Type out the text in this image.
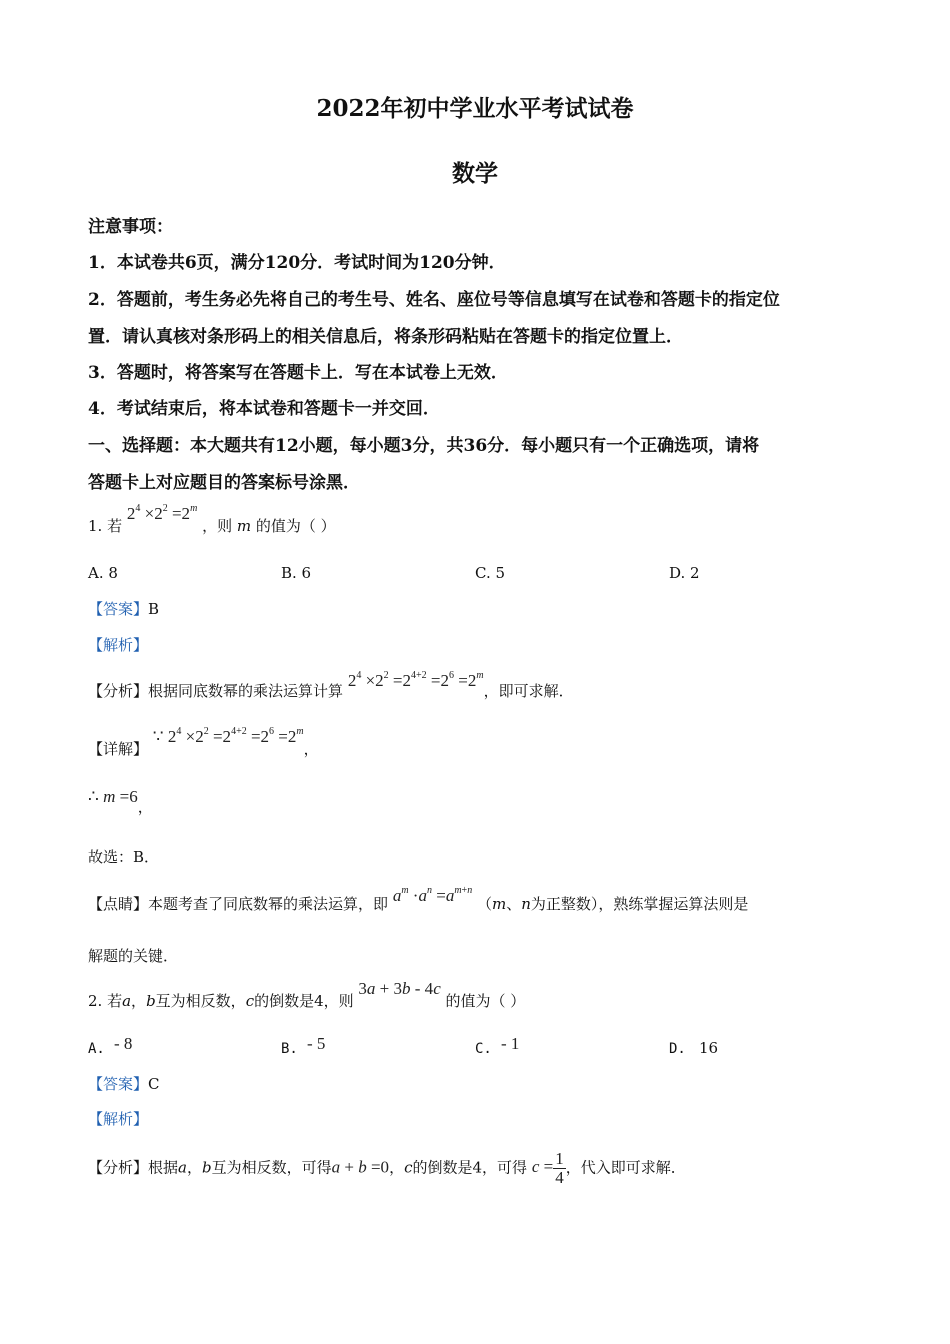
2022年初中学业水平考试试卷
数学
注意事项：
1．本试卷共6页，满分120分．考试时间为120分钟．
2．答题前，考生务必先将自己的考生号、姓名、座位号等信息填写在试卷和答题卡的指定位
置．请认真核对条形码上的相关信息后，将条形码粘贴在答题卡的指定位置上．
3．答题时，将答案写在答题卡上．写在本试卷上无效．
4．考试结束后，将本试卷和答题卡一并交回．
一、选择题：本大题共有12小题，每小题3分，共36分．每小题只有一个正确选项，请将
答题卡上对应题目的答案标号涂黑．
1. 若 $2^4 \times 2^2 =2^m$ ，则 m 的值为（ ）
A. 8	B. 6	C. 5	D. 2
【答案】B
【解析】
【分析】根据同底数幂的乘法运算计算 $2^4 \times 2^2 =2^{4+2} =2^6 =2^m$，即可求解．
【详解】 ∵ $2^4 \times 2^2 =2^{4+2} =2^6 =2^m$，
∴ m =6，
故选：B．
【点睛】本题考查了同底数幂的乘法运算，即 $a^m \cdot a^n =a^{m+n}$ （m、n为正整数），熟练掌握运算法则是
解题的关键．
2. 若a，b互为相反数，c的倒数是4，则 3a + 3b - 4c 的值为（ ）
A. - 8	B. - 5	C. - 1	D. 16
【答案】C
【解析】
【分析】根据a，b互为相反数，可得a + b =0，c的倒数是4，可得 $c = \frac{1}{4}$ ，代入即可求解．
